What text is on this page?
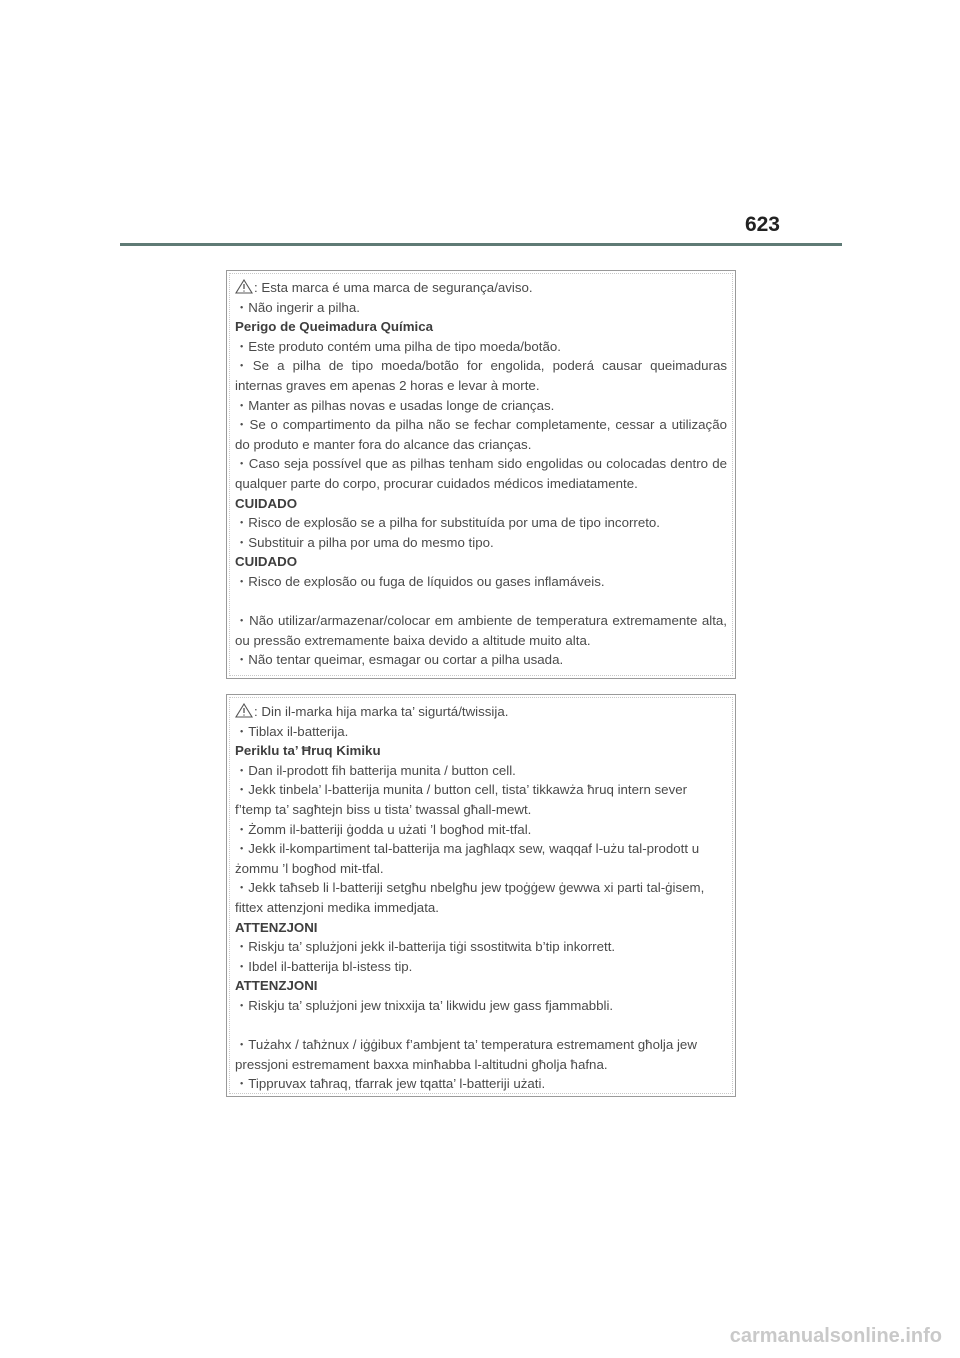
623
: Esta marca é uma marca de segurança/aviso.
・Não ingerir a pilha.
Perigo de Queimadura Química
・Este produto contém uma pilha de tipo moeda/botão.
・Se a pilha de tipo moeda/botão for engolida, poderá causar queimaduras
internas graves em apenas 2 horas e levar à morte.
・Manter as pilhas novas e usadas longe de crianças.
・Se o compartimento da pilha não se fechar completamente, cessar a utilização
do produto e manter fora do alcance das crianças.
・Caso seja possível que as pilhas tenham sido engolidas ou colocadas dentro de
qualquer parte do corpo, procurar cuidados médicos imediatamente.
CUIDADO
・Risco de explosão se a pilha for substituída por uma de tipo incorreto.
・Substituir a pilha por uma do mesmo tipo.
CUIDADO
・Risco de explosão ou fuga de líquidos ou gases inflamáveis.
・Não utilizar/armazenar/colocar em ambiente de temperatura extremamente alta,
ou pressão extremamente baixa devido a altitude muito alta.
・Não tentar queimar, esmagar ou cortar a pilha usada.
: Din il-marka hija marka ta’ sigurtá/twissija.
・Tiblax il-batterija.
Periklu ta’ Ħruq Kimiku
・Dan il-prodott fih batterija munita / button cell.
・Jekk tinbela’ l-batterija munita / button cell, tista’ tikkawża ħruq intern sever
f’temp ta’ sagħtejn biss u tista’ twassal għall-mewt.
・Żomm il-batteriji ġodda u użati ’l bogħod mit-tfal.
・Jekk il-kompartiment tal-batterija ma jagħlaqx sew, waqqaf l-użu tal-prodott u
żommu ’l bogħod mit-tfal.
・Jekk taħseb li l-batteriji setgħu nbelgħu jew tpoġġew ġewwa xi parti tal-ġisem,
fittex attenzjoni medika immedjata.
ATTENZJONI
・Riskju ta’ splużjoni jekk il-batterija tiġi ssostitwita b’tip inkorrett.
・Ibdel il-batterija bl-istess tip.
ATTENZJONI
・Riskju ta’ splużjoni jew tnixxija ta’ likwidu jew gass fjammabbli.
・Tużahx / taħżnux / iġġibux f’ambjent ta’ temperatura estremament għolja jew
pressjoni estremament baxxa minħabba l-altitudni għolja ħafna.
・Tippruvax taħraq, tfarrak jew tqatta’ l-batteriji użati.
carmanualsonline.info
